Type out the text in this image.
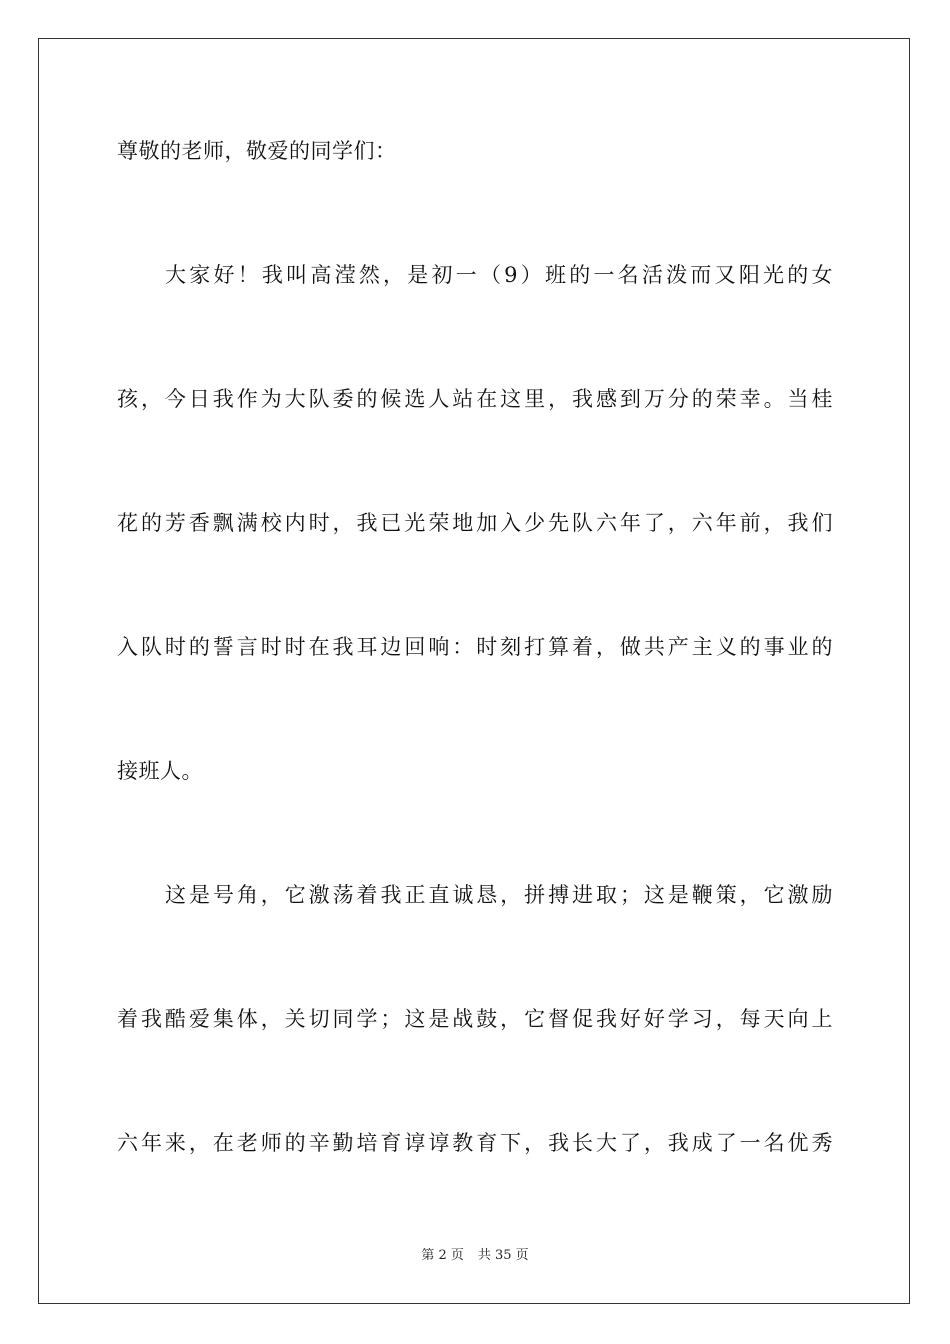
尊敬的老师，敬爱的同学们：
大家好！我叫高滢然，是初一（9）班的一名活泼而又阳光的女
孩，今日我作为大队委的候选人站在这里，我感到万分的荣幸。当桂
花的芳香飘满校内时，我已光荣地加入少先队六年了，六年前，我们
入队时的誓言时时在我耳边回响：时刻打算着，做共产主义的事业的
接班人。
这是号角，它激荡着我正直诚恳，拼搏进取；这是鞭策，它激励
着我酷爱集体，关切同学；这是战鼓，它督促我好好学习，每天向上
六年来，在老师的辛勤培育谆谆教育下，我长大了，我成了一名优秀
第 2 页 共 35 页
